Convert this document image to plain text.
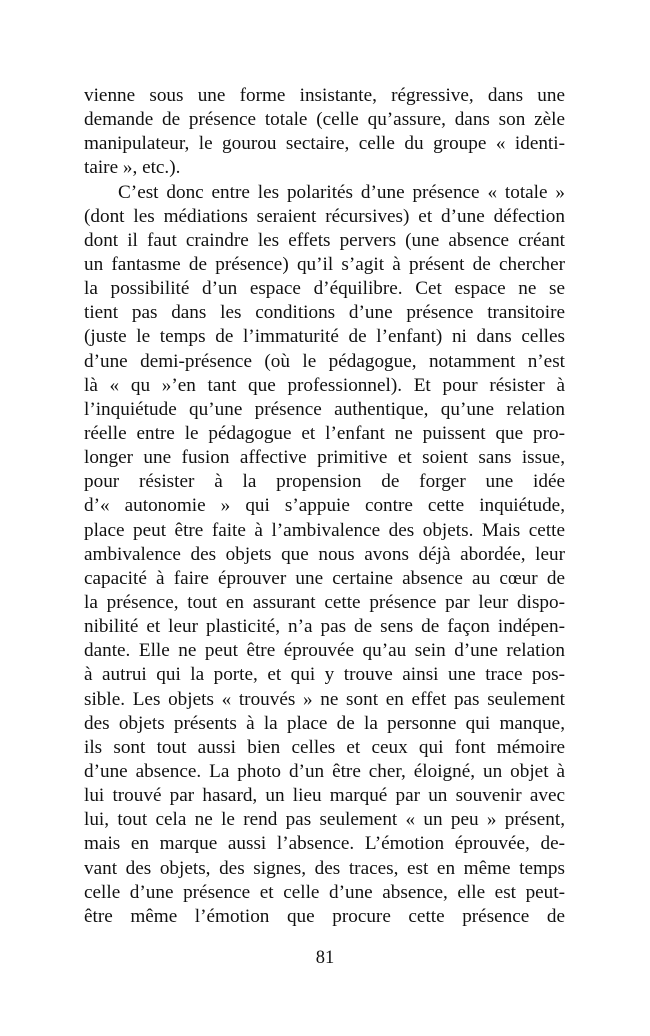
vienne sous une forme insistante, régressive, dans une
demande de présence totale (celle qu’assure, dans son zèle
manipulateur, le gourou sectaire, celle du groupe « identi-
taire », etc.).
C’est donc entre les polarités d’une présence « totale »
(dont les médiations seraient récursives) et d’une défection
dont il faut craindre les effets pervers (une absence créant
un fantasme de présence) qu’il s’agit à présent de chercher
la possibilité d’un espace d’équilibre. Cet espace ne se
tient pas dans les conditions d’une présence transitoire
(juste le temps de l’immaturité de l’enfant) ni dans celles
d’une demi-présence (où le pédagogue, notamment n’est
là « qu »’en tant que professionnel). Et pour résister à
l’inquiétude qu’une présence authentique, qu’une relation
réelle entre le pédagogue et l’enfant ne puissent que pro-
longer une fusion affective primitive et soient sans issue,
pour résister à la propension de forger une idée
d’« autonomie » qui s’appuie contre cette inquiétude,
place peut être faite à l’ambivalence des objets. Mais cette
ambivalence des objets que nous avons déjà abordée, leur
capacité à faire éprouver une certaine absence au cœur de
la présence, tout en assurant cette présence par leur dispo-
nibilité et leur plasticité, n’a pas de sens de façon indépen-
dante. Elle ne peut être éprouvée qu’au sein d’une relation
à autrui qui la porte, et qui y trouve ainsi une trace pos-
sible. Les objets « trouvés » ne sont en effet pas seulement
des objets présents à la place de la personne qui manque,
ils sont tout aussi bien celles et ceux qui font mémoire
d’une absence. La photo d’un être cher, éloigné, un objet à
lui trouvé par hasard, un lieu marqué par un souvenir avec
lui, tout cela ne le rend pas seulement « un peu » présent,
mais en marque aussi l’absence. L’émotion éprouvée, de-
vant des objets, des signes, des traces, est en même temps
celle d’une présence et celle d’une absence, elle est peut-
être même l’émotion que procure cette présence de
81
